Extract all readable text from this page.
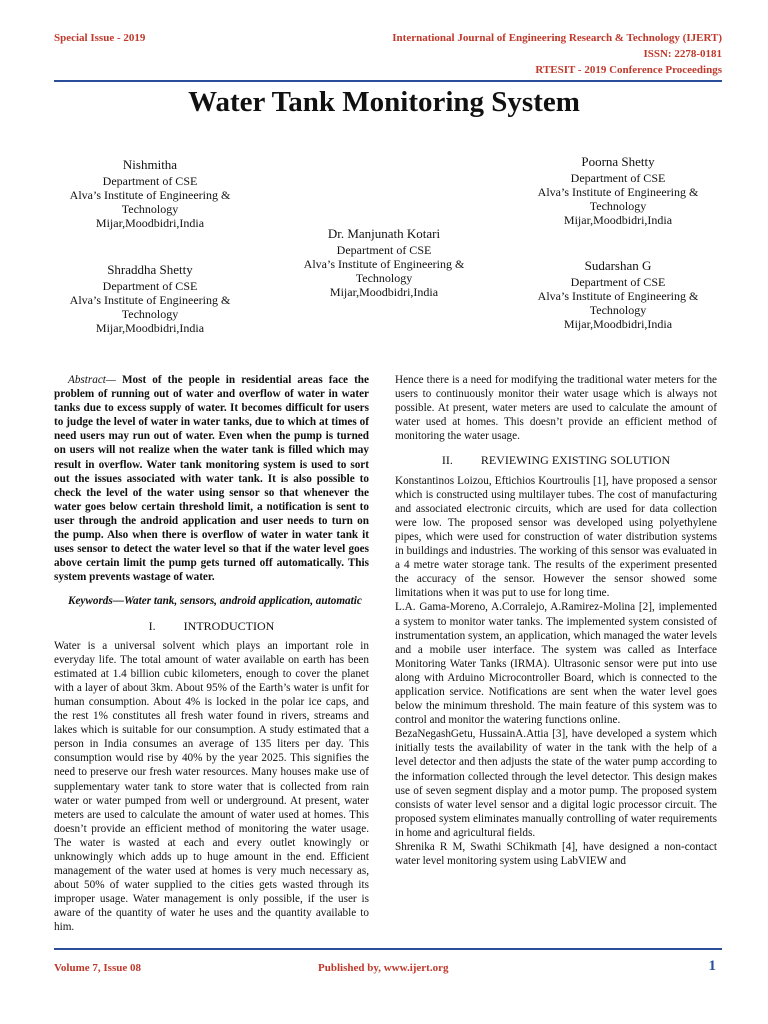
Special Issue - 2019	International Journal of Engineering Research & Technology (IJERT)
ISSN: 2278-0181
RTESIT - 2019 Conference Proceedings
Water Tank Monitoring System
Nishmitha
Department of CSE
Alva’s Institute of Engineering &
Technology
Mijar,Moodbidri,India
Poorna Shetty
Department of CSE
Alva’s Institute of Engineering &
Technology
Mijar,Moodbidri,India
Dr. Manjunath Kotari
Department of CSE
Alva’s Institute of Engineering &
Technology
Mijar,Moodbidri,India
Shraddha Shetty
Department of CSE
Alva’s Institute of Engineering &
Technology
Mijar,Moodbidri,India
Sudarshan G
Department of CSE
Alva’s Institute of Engineering &
Technology
Mijar,Moodbidri,India

Abstract— Most of the people in residential areas face the problem of running out of water and overflow of water in water tanks due to excess supply of water. It becomes difficult for users to judge the level of water in water tanks, due to which at times of need users may run out of water. Even when the pump is turned on users will not realize when the water tank is filled which may result in overflow. Water tank monitoring system is used to sort out the issues associated with water tank. It is also possible to check the level of the water using sensor so that whenever the water goes below certain threshold limit, a notification is sent to user through the android application and user needs to turn on the pump. Also when there is overflow of water in water tank it uses sensor to detect the water level so that if the water level goes above certain limit the pump gets turned off automatically. This system prevents wastage of water.

Keywords—Water tank, sensors, android application, automatic

I. INTRODUCTION

Water is a universal solvent which plays an important role in everyday life. The total amount of water available on earth has been estimated at 1.4 billion cubic kilometers, enough to cover the planet with a layer of about 3km. About 95% of the Earth’s water is unfit for human consumption. About 4% is locked in the polar ice caps, and the rest 1% constitutes all fresh water found in rivers, streams and lakes which is suitable for our consumption. A study estimated that a person in India consumes an average of 135 liters per day. This consumption would rise by 40% by the year 2025. This signifies the need to preserve our fresh water resources. Many houses make use of supplementary water tank to store water that is collected from rain water or water pumped from well or underground. At present, water meters are used to calculate the amount of water used at homes. This doesn’t provide an efficient method of monitoring the water usage. The water is wasted at each and every outlet knowingly or unknowingly which adds up to huge amount in the end. Efficient management of the water used at homes is very much necessary as, about 50% of water supplied to the cities gets wasted through its improper usage. Water management is only possible, if the user is aware of the quantity of water he uses and the quantity available to him.

Hence there is a need for modifying the traditional water meters for the users to continuously monitor their water usage which is always not possible. At present, water meters are used to calculate the amount of water used at homes. This doesn’t provide an efficient method of monitoring the water usage.

II. REVIEWING EXISTING SOLUTION

Konstantinos Loizou, Eftichios Kourtroulis [1], have proposed a sensor which is constructed using multilayer tubes. The cost of manufacturing and associated electronic circuits, which are used for data collection were low. The proposed sensor was developed using polyethylene pipes, which were used for construction of water distribution systems in buildings and industries. The working of this sensor was evaluated in a 4 metre water storage tank. The results of the experiment presented the accuracy of the sensor. However the sensor showed some limitations when it was put to use for long time.

L.A. Gama-Moreno, A.Corralejo, A.Ramirez-Molina [2], implemented a system to monitor water tanks. The implemented system consisted of instrumentation system, an application, which managed the water levels and a mobile user interface. The system was called as Interface Monitoring Water Tanks (IRMA). Ultrasonic sensor were put into use along with Arduino Microcontroller Board, which is connected to the application service. Notifications are sent when the water level goes below the minimum threshold. The main feature of this system was to control and monitor the watering functions online.

BezaNegashGetu, HussainA.Attia [3], have developed a system which initially tests the availability of water in the tank with the help of a level detector and then adjusts the state of the water pump according to the information collected through the level detector. This design makes use of seven segment display and a motor pump. The proposed system consists of water level sensor and a digital logic processor circuit. The proposed system eliminates manually controlling of water requirements in home and agricultural fields.

Shrenika R M, Swathi SChikmath [4], have designed a non-contact water level monitoring system using LabVIEW and

Volume 7, Issue 08	Published by, www.ijert.org	1
